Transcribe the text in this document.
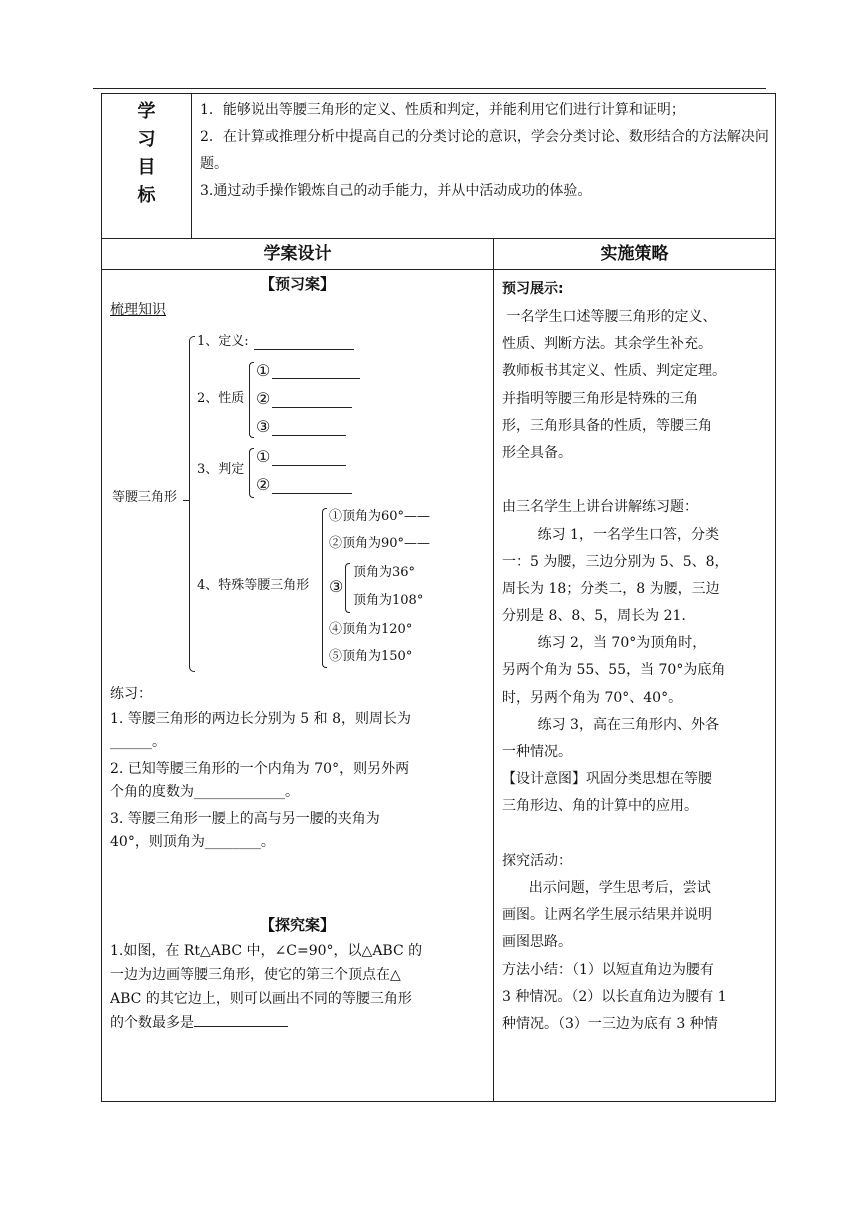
学
习
目
标
1．能够说出等腰三角形的定义、性质和判定，并能利用它们进行计算和证明；
2．在计算或推理分析中提高自己的分类讨论的意识，学会分类讨论、数形结合的方法解决问题。
3.通过动手操作锻炼自己的动手能力，并从中活动成功的体验。
学案设计	实施策略
【预习案】
梳理知识
等腰三角形
1、定义:
2、性质
①
②
③
3、判定
①
②
4、特殊等腰三角形
①顶角为60°——
②顶角为90°——
③
顶角为36°
顶角为108°
④顶角为120°
⑤顶角为150°
练习：
1. 等腰三角形的两边长分别为 5 和 8，则周长为
______。
2. 已知等腰三角形的一个内角为 70°，则另外两
个角的度数为_____________。
3. 等腰三角形一腰上的高与另一腰的夹角为
40°，则顶角为________。
【探究案】
1.如图，在 Rt△ABC 中，∠C=90°，以△ABC 的
一边为边画等腰三角形，使它的第三个顶点在△
ABC 的其它边上，则可以画出不同的等腰三角形
的个数最多是
预习展示:
一名学生口述等腰三角形的定义、
性质、判断方法。其余学生补充。
教师板书其定义、性质、判定定理。
并指明等腰三角形是特殊的三角
形，三角形具备的性质，等腰三角
形全具备。
由三名学生上讲台讲解练习题：
练习 1，一名学生口答，分类
一：5 为腰，三边分别为 5、5、8，
周长为 18；分类二，8 为腰，三边
分别是 8、8、5，周长为 21.
练习 2，当 70°为顶角时，
另两个角为 55、55，当 70°为底角
时，另两个角为 70°、40°。
练习 3，高在三角形内、外各
一种情况。
【设计意图】巩固分类思想在等腰
三角形边、角的计算中的应用。
探究活动：
出示问题，学生思考后，尝试
画图。让两名学生展示结果并说明
画图思路。
方法小结：（1）以短直角边为腰有
3 种情况。（2）以长直角边为腰有 1
种情况。（3）一三边为底有 3 种情
